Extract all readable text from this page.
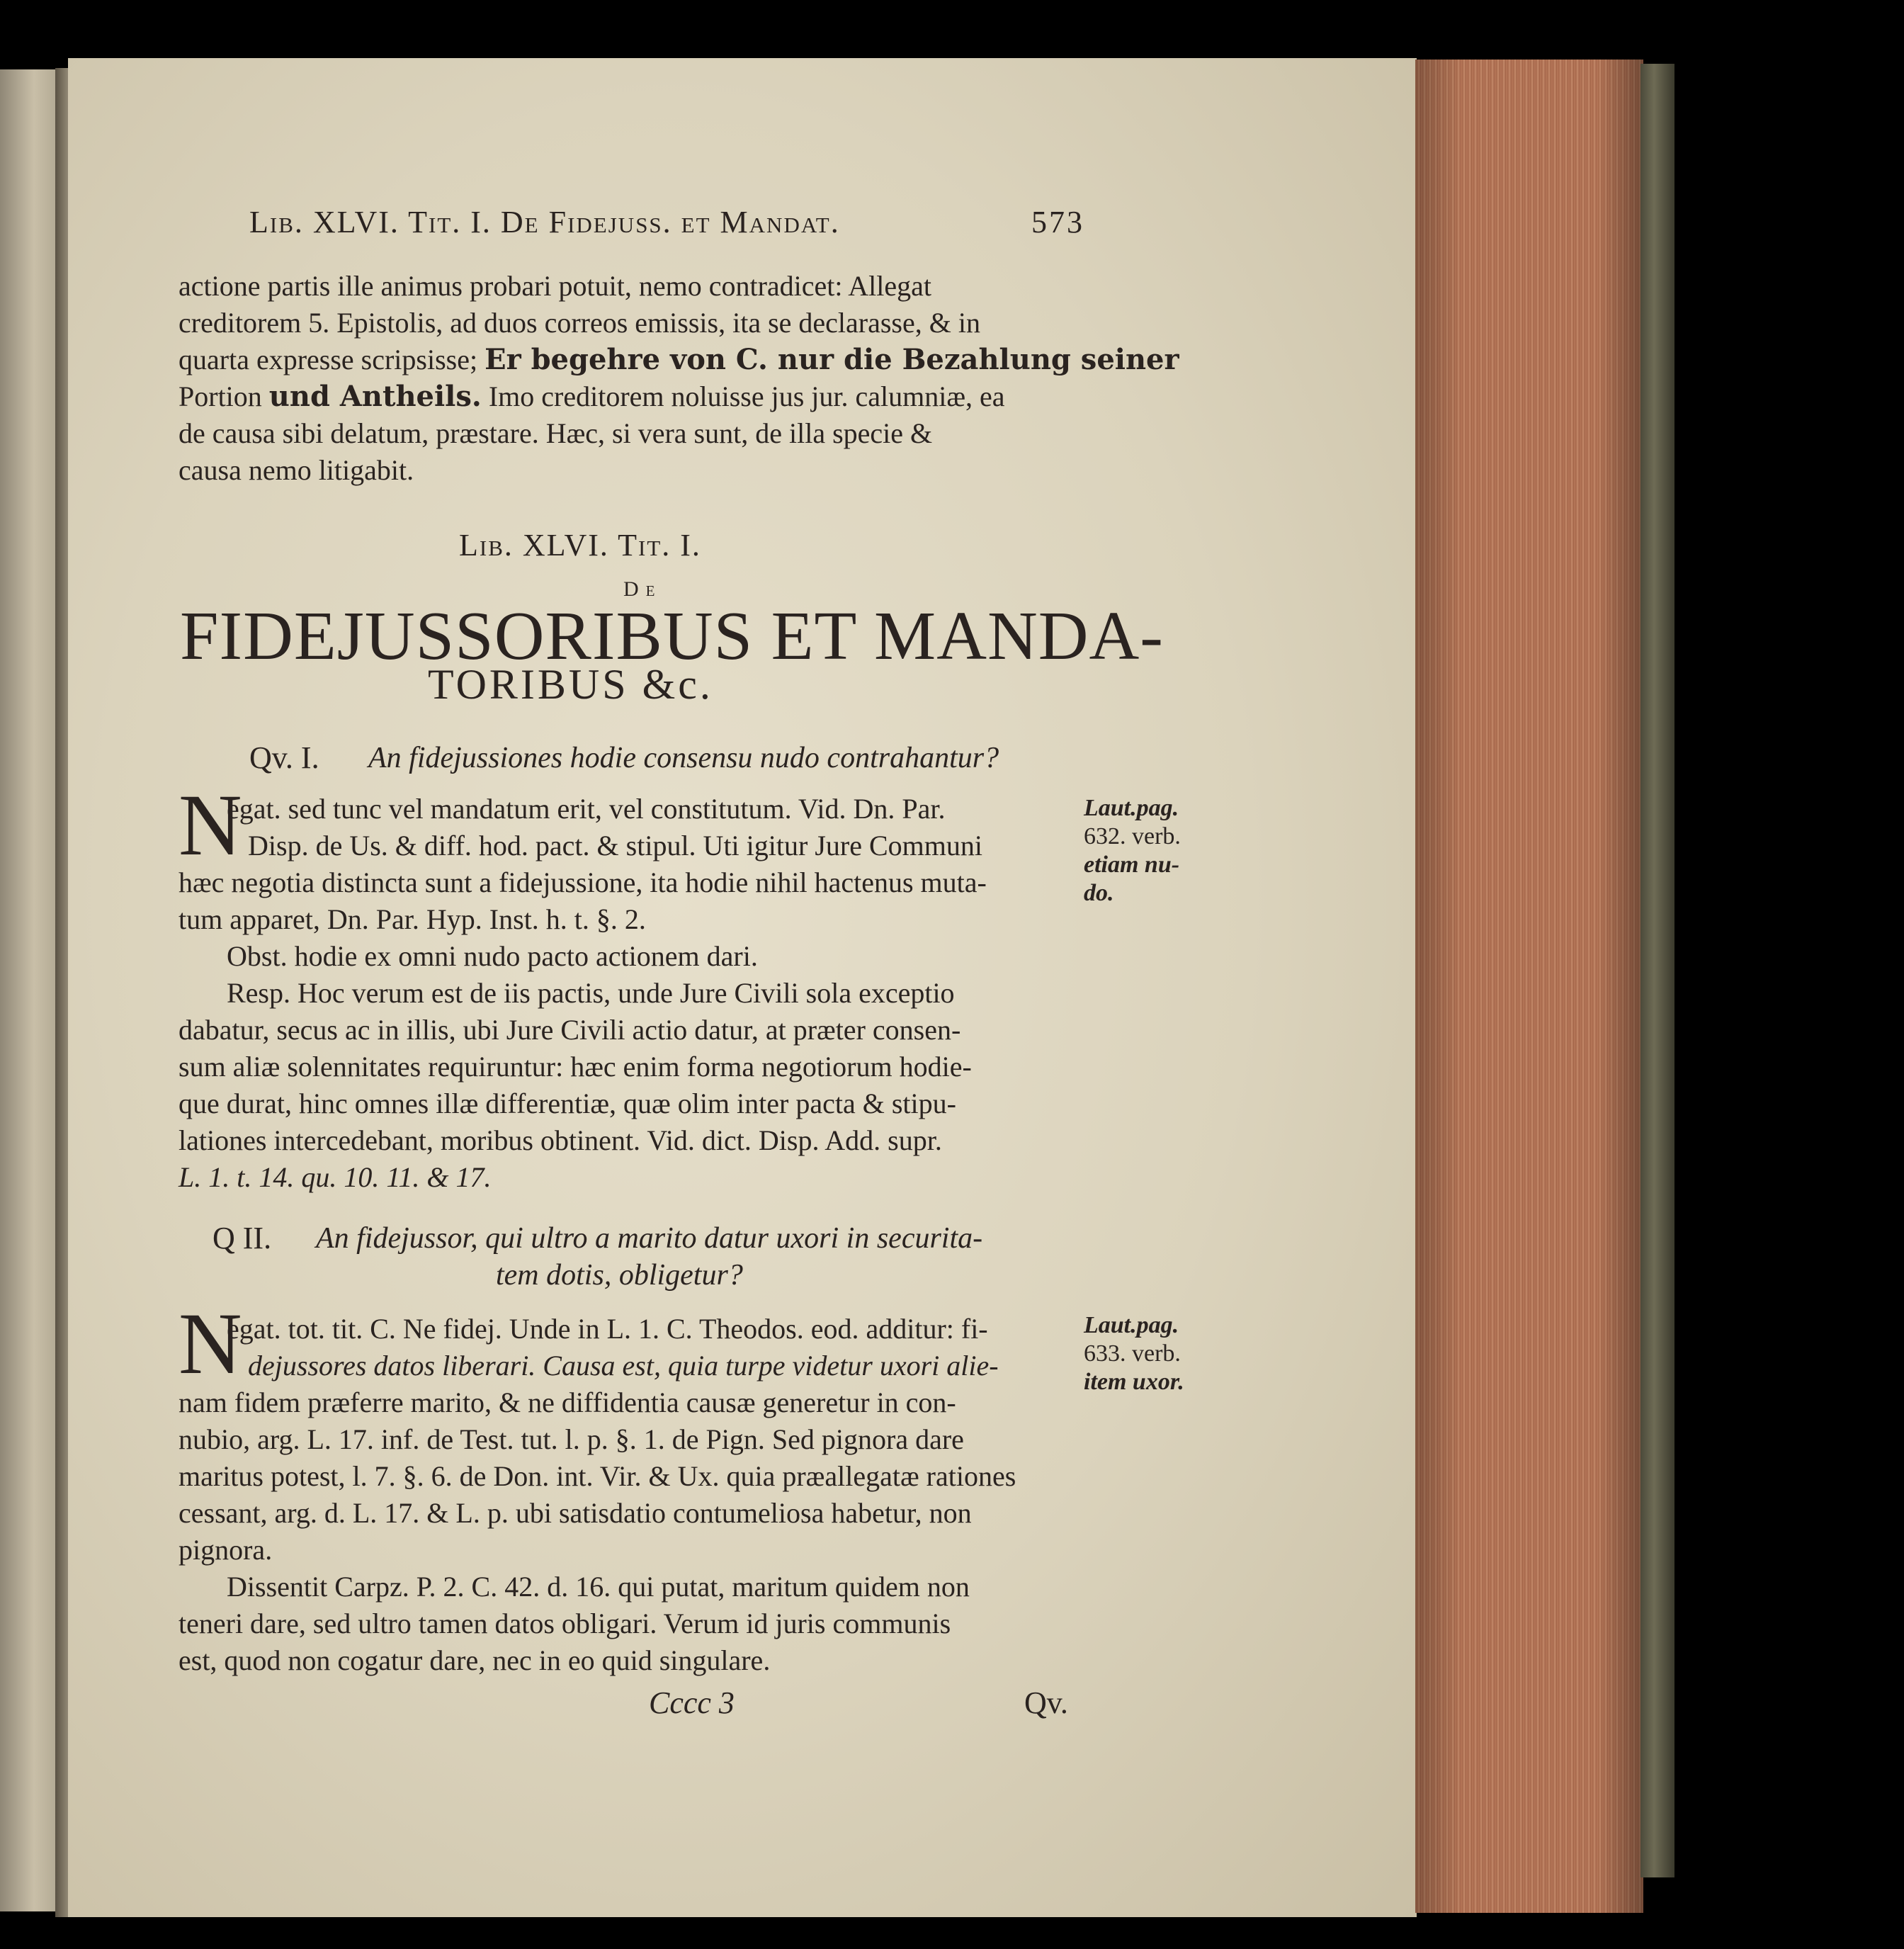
Lib. XLVI. Tit. I. De Fidejuss. et Mandat.	573
actione partis ille animus probari potuit, nemo contradicet: Allegat
creditorem 5. Epistolis, ad duos correos emissis, ita se declarasse, & in
quarta expresse scripsisse; Er begehre von C. nur die Bezahlung seiner
Portion und Antheils. Imo creditorem noluisse jus jur. calumniæ, ea
de causa sibi delatum, præstare. Hæc, si vera sunt, de illa specie &
causa nemo litigabit.
Lib. XLVI. Tit. I.
De
FIDEJUSSORIBUS ET MANDA-
TORIBUS &c.
Qv. I. An fidejussiones hodie consensu nudo contrahantur?
N
egat. sed tunc vel mandatum erit, vel constitutum. Vid. Dn. Par.
Disp. de Us. & diff. hod. pact. & stipul. Uti igitur Jure Communi
hæc negotia distincta sunt a fidejussione, ita hodie nihil hactenus muta-
tum apparet, Dn. Par. Hyp. Inst. h. t. §. 2.
Obst. hodie ex omni nudo pacto actionem dari.
Resp. Hoc verum est de iis pactis, unde Jure Civili sola exceptio
dabatur, secus ac in illis, ubi Jure Civili actio datur, at præter consen-
sum aliæ solennitates requiruntur: hæc enim forma negotiorum hodie-
que durat, hinc omnes illæ differentiæ, quæ olim inter pacta & stipu-
lationes intercedebant, moribus obtinent. Vid. dict. Disp. Add. supr.
L. 1. t. 14. qu. 10. 11. & 17.
Laut.pag.
632. verb.
etiam nu-
do.
Q II. An fidejussor, qui ultro a marito datur uxori in securita-
tem dotis, obligetur?
N
egat. tot. tit. C. Ne fidej. Unde in L. 1. C. Theodos. eod. additur: fi-
dejussores datos liberari. Causa est, quia turpe videtur uxori alie-
nam fidem præferre marito, & ne diffidentia causæ generetur in con-
nubio, arg. L. 17. inf. de Test. tut. l. p. §. 1. de Pign. Sed pignora dare
maritus potest, l. 7. §. 6. de Don. int. Vir. & Ux. quia præallegatæ rationes
cessant, arg. d. L. 17. & L. p. ubi satisdatio contumeliosa habetur, non
pignora.
Dissentit Carpz. P. 2. C. 42. d. 16. qui putat, maritum quidem non
teneri dare, sed ultro tamen datos obligari. Verum id juris communis
est, quod non cogatur dare, nec in eo quid singulare.
Laut.pag.
633. verb.
item uxor.
Cccc 3	Qv.
